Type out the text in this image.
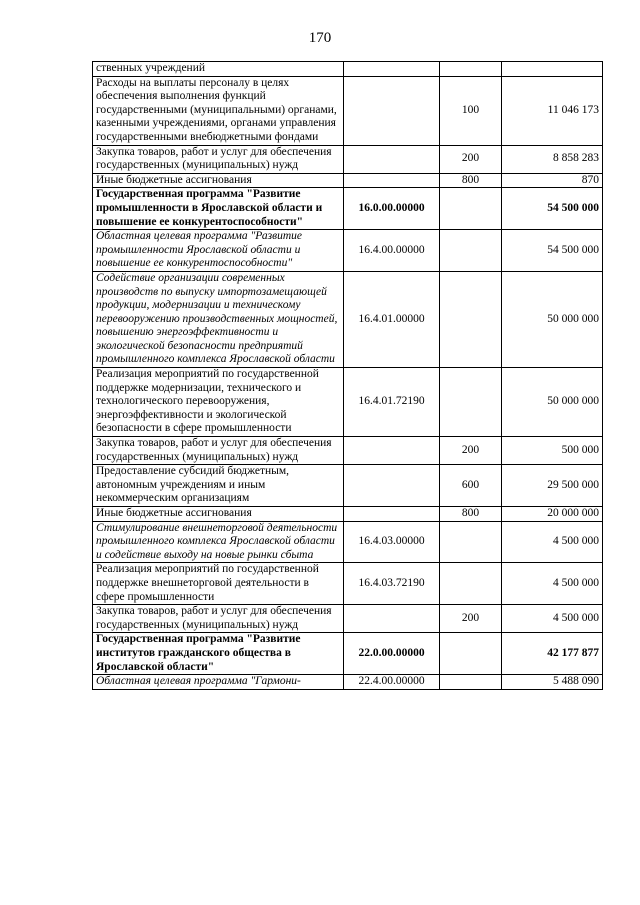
170
ственных учреждений			
Расходы на выплаты персоналу в целях обеспечения выполнения функций государственными (муниципальными) органами, казенными учреждениями, органами управления государственными внебюджетными фондами		100	11 046 173
Закупка товаров, работ и услуг для обеспечения государственных (муниципальных) нужд		200	8 858 283
Иные бюджетные ассигнования		800	870
Государственная программа "Развитие промышленности в Ярославской области и повышение ее конкурентоспособности"	16.0.00.00000		54 500 000
Областная целевая программа "Развитие промышленности Ярославской области и повышение ее конкурентоспособности"	16.4.00.00000		54 500 000
Содействие организации современных производств по выпуску импортозамещающей продукции, модернизации и техническому перевооружению производственных мощностей, повышению энергоэффективности и экологической безопасности предприятий промышленного комплекса Ярославской области	16.4.01.00000		50 000 000
Реализация мероприятий по государственной поддержке модернизации, технического и технологического перевооружения, энергоэффективности и экологической безопасности в сфере промышленности	16.4.01.72190		50 000 000
Закупка товаров, работ и услуг для обеспечения государственных (муниципальных) нужд		200	500 000
Предоставление субсидий бюджетным, автономным учреждениям и иным некоммерческим организациям		600	29 500 000
Иные бюджетные ассигнования		800	20 000 000
Стимулирование внешнеторговой деятельности промышленного комплекса Ярославской области и содействие выходу на новые рынки сбыта	16.4.03.00000		4 500 000
Реализация мероприятий по государственной поддержке внешнеторговой деятельности в сфере промышленности	16.4.03.72190		4 500 000
Закупка товаров, работ и услуг для обеспечения государственных (муниципальных) нужд		200	4 500 000
Государственная программа "Развитие институтов гражданского общества в Ярославской области"	22.0.00.00000		42 177 877
Областная целевая программа "Гармони-	22.4.00.00000		5 488 090
